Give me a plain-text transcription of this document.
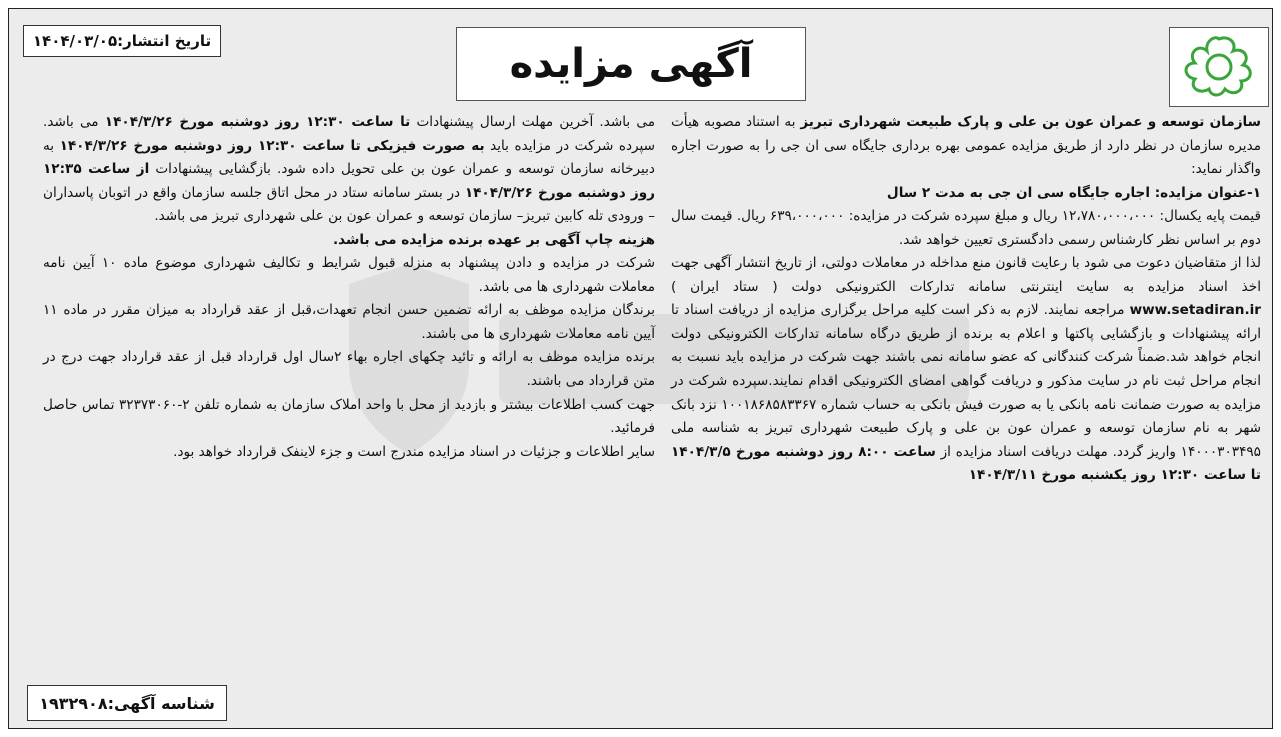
تاریخ انتشار:۱۴۰۴/۰۳/۰۵	آگهی مزایده

سازمان توسعه و عمران عون بن علی و پارک طبیعت شهرداری تبریز به استناد مصوبه هیأت مدیره سازمان در نظر دارد از طریق مزایده عمومی بهره برداری جایگاه سی ان جی را به صورت اجاره واگذار نماید:

۱-عنوان مزایده: اجاره جایگاه سی ان جی به مدت ۲ سال

قیمت پایه یکسال: ۱۲،۷۸۰،۰۰۰،۰۰۰ ریال و مبلغ سپرده شرکت در مزایده: ۶۳۹،۰۰۰،۰۰۰ ریال. قیمت سال دوم بر اساس نظر کارشناس رسمی دادگستری تعیین خواهد شد.

لذا از متقاضیان دعوت می شود با رعایت قانون منع مداخله در معاملات دولتی، از تاریخ انتشار آگهی جهت اخذ اسناد مزایده به سایت اینترنتی سامانه تدارکات الکترونیکی دولت ( ستاد ایران ) www.setadiran.ir مراجعه نمایند. لازم به ذکر است کلیه مراحل برگزاری مزایده از دریافت اسناد تا ارائه پیشنهادات و بازگشایی پاکتها و اعلام به برنده از طریق درگاه سامانه تدارکات الکترونیکی دولت انجام خواهد شد.ضمناً شرکت کنندگانی که عضو سامانه نمی باشند جهت شرکت در مزایده باید نسبت به انجام مراحل ثبت نام در سایت مذکور و دریافت گواهی امضای الکترونیکی اقدام نمایند.سپرده شرکت در مزایده به صورت ضمانت نامه بانکی یا به صورت فیش بانکی به حساب شماره ۱۰۰۱۸۶۸۵۸۳۳۶۷ نزد بانک شهر به نام سازمان توسعه و عمران عون بن علی و پارک طبیعت شهرداری تبریز به شناسه ملی ۱۴۰۰۰۳۰۳۴۹۵ واریز گردد. مهلت دریافت اسناد مزایده از ساعت ۸:۰۰ روز دوشنبه مورخ ۱۴۰۴/۳/۵ تا ساعت ۱۲:۳۰ روز یکشنبه مورخ ۱۴۰۴/۳/۱۱

می باشد. آخرین مهلت ارسال پیشنهادات تا ساعت ۱۲:۳۰ روز دوشنبه مورخ ۱۴۰۴/۳/۲۶ می باشد. سپرده شرکت در مزایده باید به صورت فیزیکی تا ساعت ۱۲:۳۰ روز دوشنبه مورخ ۱۴۰۴/۳/۲۶ به دبیرخانه سازمان توسعه و عمران عون بن علی تحویل داده شود. بازگشایی پیشنهادات از ساعت ۱۲:۳۵ روز دوشنبه مورخ ۱۴۰۴/۳/۲۶ در بستر سامانه ستاد در محل اتاق جلسه سازمان واقع در اتوبان پاسداران – ورودی تله کابین تبریز– سازمان توسعه و عمران عون بن علی شهرداری تبریز می باشد.

هزینه چاپ آگهی بر عهده برنده مزایده می باشد.

شرکت در مزایده و دادن پیشنهاد به منزله قبول شرایط و تکالیف شهرداری موضوع ماده ۱۰ آیین نامه معاملات شهرداری ها می باشد.

برندگان مزایده موظف به ارائه تضمین حسن انجام تعهدات،قبل از عقد قرارداد به میزان مقرر در ماده ۱۱ آیین نامه معاملات شهرداری ها می باشند.

برنده مزایده موظف به ارائه و تائید چکهای اجاره بهاء ۲سال اول قرارداد قبل از عقد قرارداد جهت درج در متن قرارداد می باشند.

جهت کسب اطلاعات بیشتر و بازدید از محل با واحد املاک سازمان به شماره تلفن ۲-۳۲۳۷۳۰۶۰ تماس حاصل فرمائید.

سایر اطلاعات و جزئیات در اسناد مزایده مندرج است و جزء لاینفک قرارداد خواهد بود.

شناسه آگهی:۱۹۳۲۹۰۸
